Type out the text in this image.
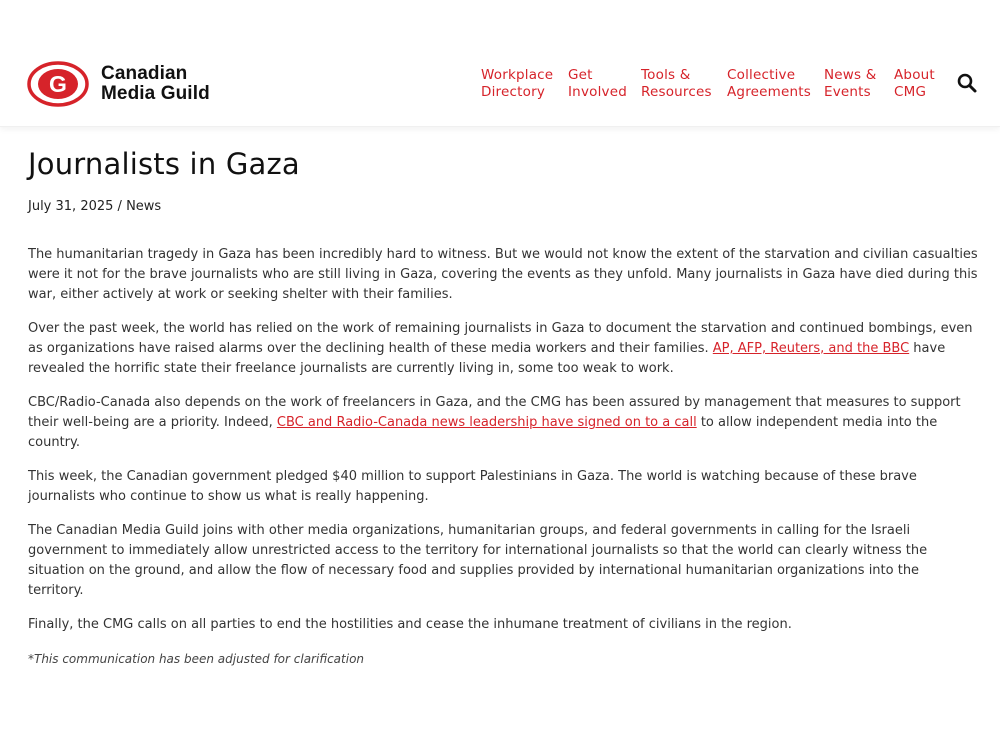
G Canadian
Media Guild
Workplace
Directory
Get
Involved
Tools &
Resources
Collective
Agreements
News &
Events
About
CMG
Journalists in Gaza
July 31, 2025 / News

The humanitarian tragedy in Gaza has been incredibly hard to witness. But we would not know the extent of the starvation and civilian casualties were it not for the brave journalists who are still living in Gaza, covering the events as they unfold. Many journalists in Gaza have died during this war, either actively at work or seeking shelter with their families.

Over the past week, the world has relied on the work of remaining journalists in Gaza to document the starvation and continued bombings, even as organizations have raised alarms over the declining health of these media workers and their families. AP, AFP, Reuters, and the BBC have revealed the horrific state their freelance journalists are currently living in, some too weak to work.

CBC/Radio-Canada also depends on the work of freelancers in Gaza, and the CMG has been assured by management that measures to support their well-being are a priority. Indeed, CBC and Radio-Canada news leadership have signed on to a call to allow independent media into the country.

This week, the Canadian government pledged $40 million to support Palestinians in Gaza. The world is watching because of these brave journalists who continue to show us what is really happening.

The Canadian Media Guild joins with other media organizations, humanitarian groups, and federal governments in calling for the Israeli government to immediately allow unrestricted access to the territory for international journalists so that the world can clearly witness the situation on the ground, and allow the flow of necessary food and supplies provided by international humanitarian organizations into the territory.

Finally, the CMG calls on all parties to end the hostilities and cease the inhumane treatment of civilians in the region.

*This communication has been adjusted for clarification
